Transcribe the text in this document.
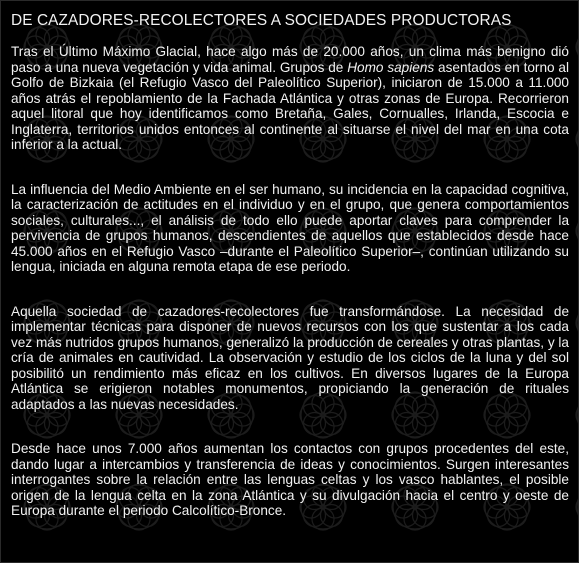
DE CAZADORES-RECOLECTORES A SOCIEDADES PRODUCTORAS

Tras el Último Máximo Glacial, hace algo más de 20.000 años, un clima más benigno dió paso a una nueva vegetación y vida animal. Grupos de Homo sapiens asentados en torno al Golfo de Bizkaia (el Refugio Vasco del Paleolítico Superior), iniciaron de 15.000 a 11.000 años atrás el repoblamiento de la Fachada Atlántica y otras zonas de Europa. Recorrieron aquel litoral que hoy identificamos como Bretaña, Gales, Cornualles, Irlanda, Escocia e Inglaterra, territorios unidos entonces al continente al situarse el nivel del mar en una cota inferior a la actual.

La influencia del Medio Ambiente en el ser humano, su incidencia en la capacidad cognitiva, la caracterización de actitudes en el individuo y en el grupo, que genera comportamientos sociales, culturales..., el análisis de todo ello puede aportar claves para comprender la pervivencia de grupos humanos, descendientes de aquellos que establecidos desde hace 45.000 años en el Refugio Vasco –durante el Paleolítico Superior–, continúan utilizando su lengua, iniciada en alguna remota etapa de ese periodo.

Aquella sociedad de cazadores-recolectores fue transformándose. La necesidad de implementar técnicas para disponer de nuevos recursos con los que sustentar a los cada vez más nutridos grupos humanos, generalizó la producción de cereales y otras plantas, y la cría de animales en cautividad. La observación y estudio de los ciclos de la luna y del sol posibilitó un rendimiento más eficaz en los cultivos. En diversos lugares de la Europa Atlántica se erigieron notables monumentos, propiciando la generación de rituales adaptados a las nuevas necesidades.

Desde hace unos 7.000 años aumentan los contactos con grupos procedentes del este, dando lugar a intercambios y transferencia de ideas y conocimientos. Surgen interesantes interrogantes sobre la relación entre las lenguas celtas y los vasco hablantes, el posible origen de la lengua celta en la zona Atlántica y su divulgación hacia el centro y oeste de Europa durante el periodo Calcolítico-Bronce.
